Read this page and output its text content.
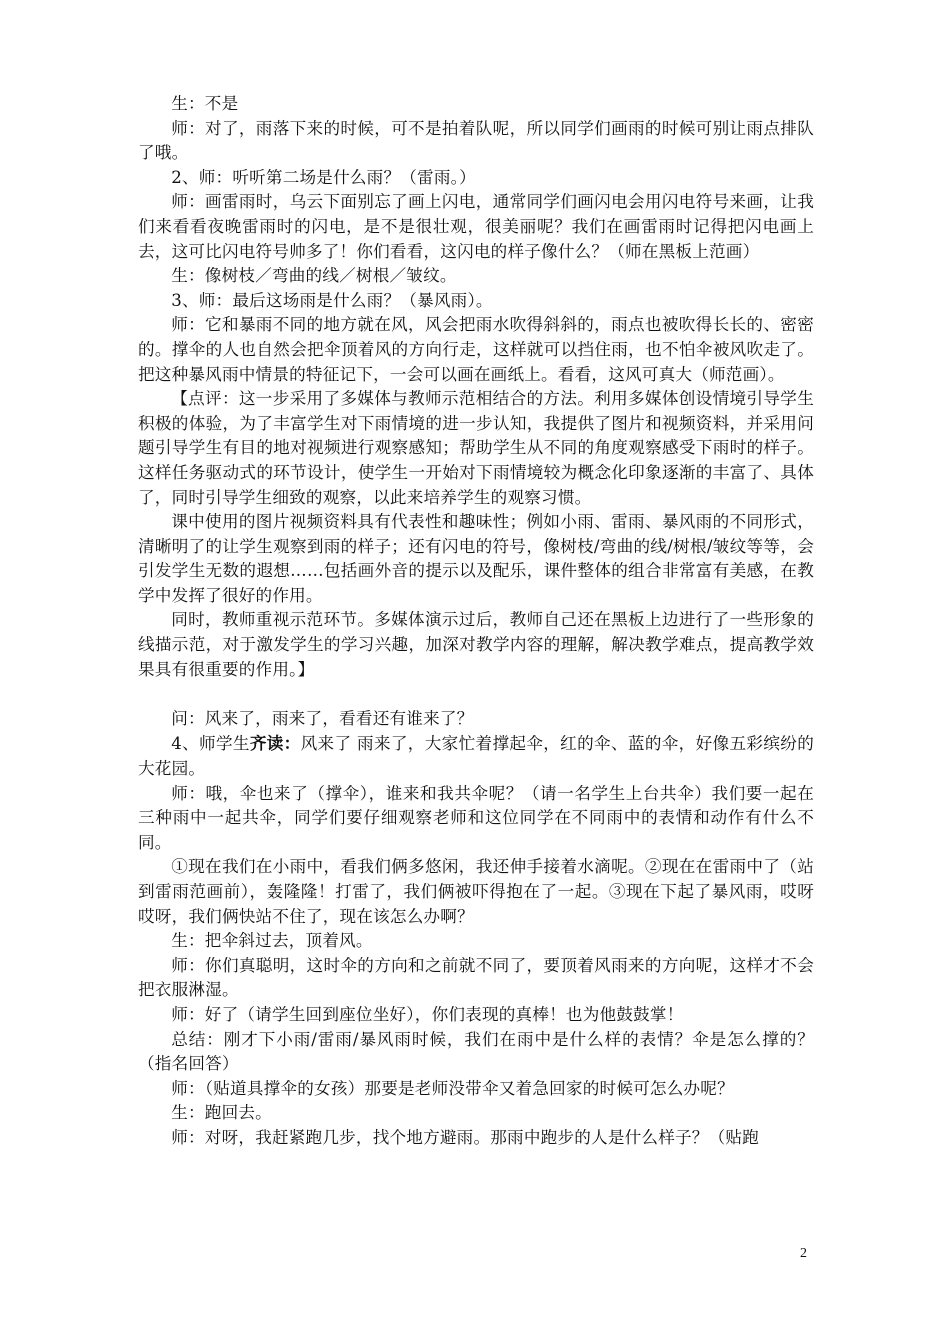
生：不是

师：对了，雨落下来的时候，可不是拍着队呢，所以同学们画雨的时候可别让雨点排队了哦。

2、师：听听第二场是什么雨？（雷雨。）

师：画雷雨时，乌云下面别忘了画上闪电，通常同学们画闪电会用闪电符号来画，让我们来看看夜晚雷雨时的闪电，是不是很壮观，很美丽呢？我们在画雷雨时记得把闪电画上去，这可比闪电符号帅多了！你们看看，这闪电的样子像什么？（师在黑板上范画）

生：像树枝／弯曲的线／树根／皱纹。

3、师：最后这场雨是什么雨？（暴风雨）。

师：它和暴雨不同的地方就在风，风会把雨水吹得斜斜的，雨点也被吹得长长的、密密的。撑伞的人也自然会把伞顶着风的方向行走，这样就可以挡住雨，也不怕伞被风吹走了。把这种暴风雨中情景的特征记下，一会可以画在画纸上。看看，这风可真大（师范画）。

【点评：这一步采用了多媒体与教师示范相结合的方法。利用多媒体创设情境引导学生积极的体验，为了丰富学生对下雨情境的进一步认知，我提供了图片和视频资料，并采用问题引导学生有目的地对视频进行观察感知；帮助学生从不同的角度观察感受下雨时的样子。这样任务驱动式的环节设计，使学生一开始对下雨情境较为概念化印象逐渐的丰富了、具体了，同时引导学生细致的观察，以此来培养学生的观察习惯。

课中使用的图片视频资料具有代表性和趣味性；例如小雨、雷雨、暴风雨的不同形式，清晰明了的让学生观察到雨的样子；还有闪电的符号，像树枝/弯曲的线/树根/皱纹等等，会引发学生无数的遐想……包括画外音的提示以及配乐，课件整体的组合非常富有美感，在教学中发挥了很好的作用。

同时，教师重视示范环节。多媒体演示过后，教师自己还在黑板上边进行了一些形象的线描示范，对于激发学生的学习兴趣，加深对教学内容的理解，解决教学难点，提高教学效果具有很重要的作用。】

问：风来了，雨来了，看看还有谁来了？

4、师学生齐读：风来了 雨来了，大家忙着撑起伞，红的伞、蓝的伞，好像五彩缤纷的大花园。

师：哦，伞也来了（撑伞），谁来和我共伞呢？（请一名学生上台共伞）我们要一起在三种雨中一起共伞，同学们要仔细观察老师和这位同学在不同雨中的表情和动作有什么不同。

①现在我们在小雨中，看我们俩多悠闲，我还伸手接着水滴呢。②现在在雷雨中了（站到雷雨范画前），轰隆隆！打雷了，我们俩被吓得抱在了一起。③现在下起了暴风雨，哎呀哎呀，我们俩快站不住了，现在该怎么办啊？

生：把伞斜过去，顶着风。

师：你们真聪明，这时伞的方向和之前就不同了，要顶着风雨来的方向呢，这样才不会把衣服淋湿。

师：好了（请学生回到座位坐好），你们表现的真棒！也为他鼓鼓掌！

总结：刚才下小雨/雷雨/暴风雨时候，我们在雨中是什么样的表情？伞是怎么撑的？（指名回答）

师：（贴道具撑伞的女孩）那要是老师没带伞又着急回家的时候可怎么办呢？

生：跑回去。

师：对呀，我赶紧跑几步，找个地方避雨。那雨中跑步的人是什么样子？（贴跑

2
